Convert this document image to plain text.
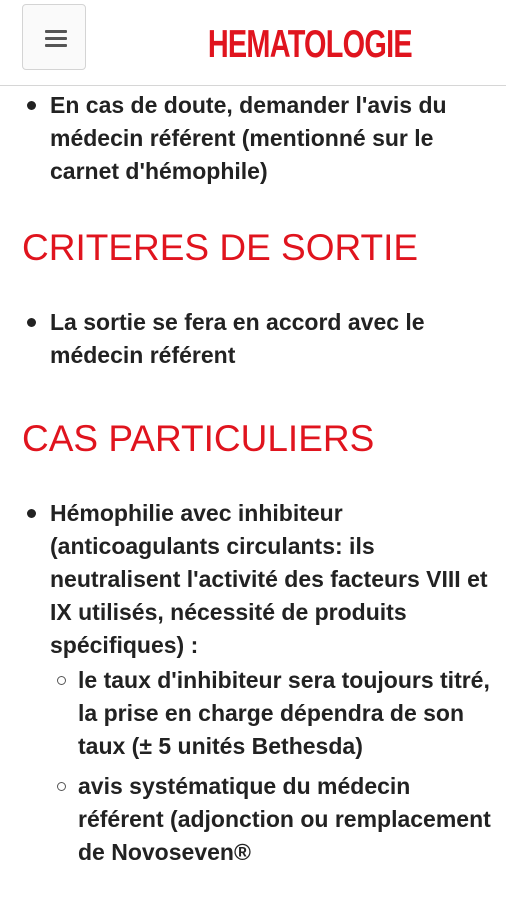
HEMATOLOGIE
En cas de doute, demander l'avis du médecin référent (mentionné sur le carnet d'hémophile)
CRITERES DE SORTIE
La sortie se fera en accord avec le médecin référent
CAS PARTICULIERS
Hémophilie avec inhibiteur (anticoagulants circulants: ils neutralisent l'activité des facteurs VIII et IX utilisés, nécessité de produits spécifiques) :
le taux d'inhibiteur sera toujours titré, la prise en charge dépendra de son taux (± 5 unités Bethesda)
avis systématique du médecin référent (adjonction ou remplacement de Novoseven®
